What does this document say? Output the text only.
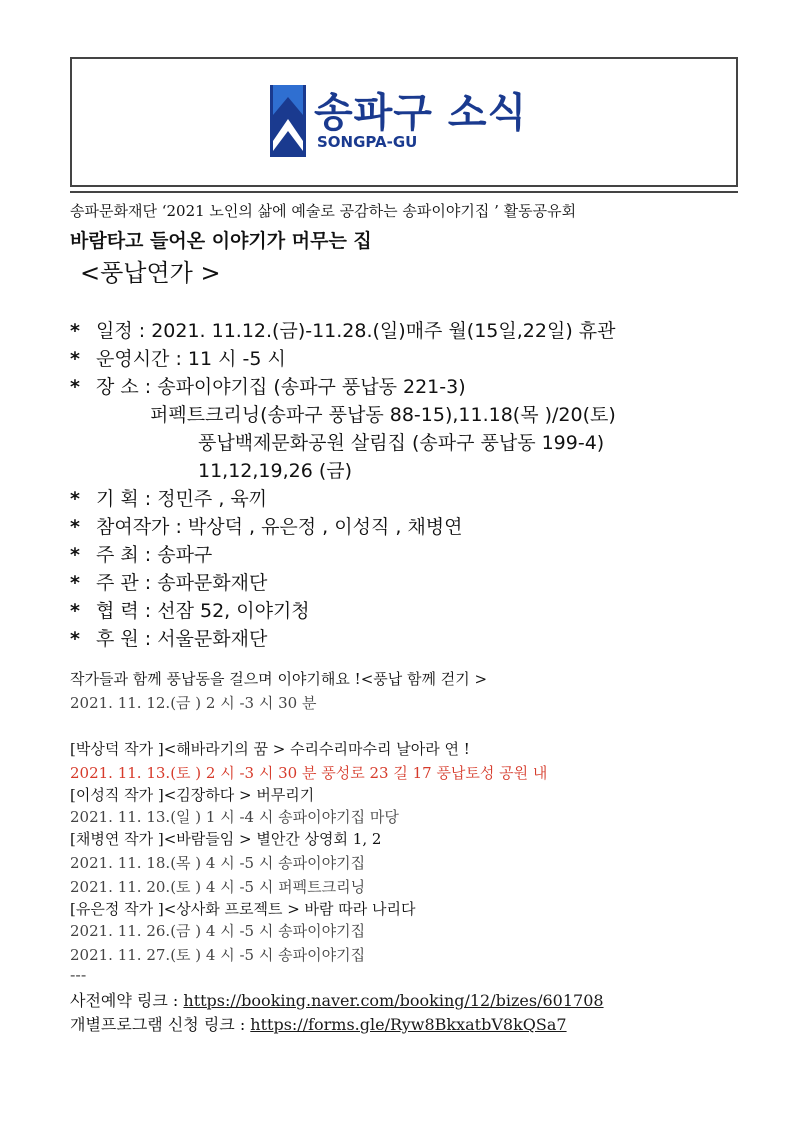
송파구 소식
SONGPA-GU
송파문화재단 ‘2021 노인의 삶에 예술로 공감하는 송파이야기집 ’ 활동공유회
바람타고 들어온 이야기가 머무는 집
<풍납연가 >
* 일정 : 2021. 11.12.(금)-11.28.(일)매주 월(15일,22일) 휴관
* 운영시간 : 11 시 -5 시
* 장 소 : 송파이야기집 (송파구 풍납동 221-3)
퍼펙트크리닝(송파구 풍납동 88-15),11.18(목 )/20(토)
풍납백제문화공원 살림집 (송파구 풍납동 199-4)
11,12,19,26 (금)
* 기 획 : 정민주 , 육끼
* 참여작가 : 박상덕 , 유은정 , 이성직 , 채병연
* 주 최 : 송파구
* 주 관 : 송파문화재단
* 협 력 : 선잠 52, 이야기청
* 후 원 : 서울문화재단
작가들과 함께 풍납동을 걸으며 이야기해요 !<풍납 함께 걷기 >
2021. 11. 12.(금 ) 2 시 -3 시 30 분
[박상덕 작가 ]<해바라기의 꿈 > 수리수리마수리 날아라 연 !
2021. 11. 13.(토 ) 2 시 -3 시 30 분 풍성로 23 길 17 풍납토성 공원 내
[이성직 작가 ]<김장하다 > 버무리기
2021. 11. 13.(일 ) 1 시 -4 시 송파이야기집 마당
[채병연 작가 ]<바람들임 > 별안간 상영회 1, 2
2021. 11. 18.(목 ) 4 시 -5 시 송파이야기집
2021. 11. 20.(토 ) 4 시 -5 시 퍼펙트크리닝
[유은정 작가 ]<상사화 프로젝트 > 바람 따라 나리다
2021. 11. 26.(금 ) 4 시 -5 시 송파이야기집
2021. 11. 27.(토 ) 4 시 -5 시 송파이야기집
---
사전예약 링크 : https://booking.naver.com/booking/12/bizes/601708
개별프로그램 신청 링크 : https://forms.gle/Ryw8BkxatbV8kQSa7
